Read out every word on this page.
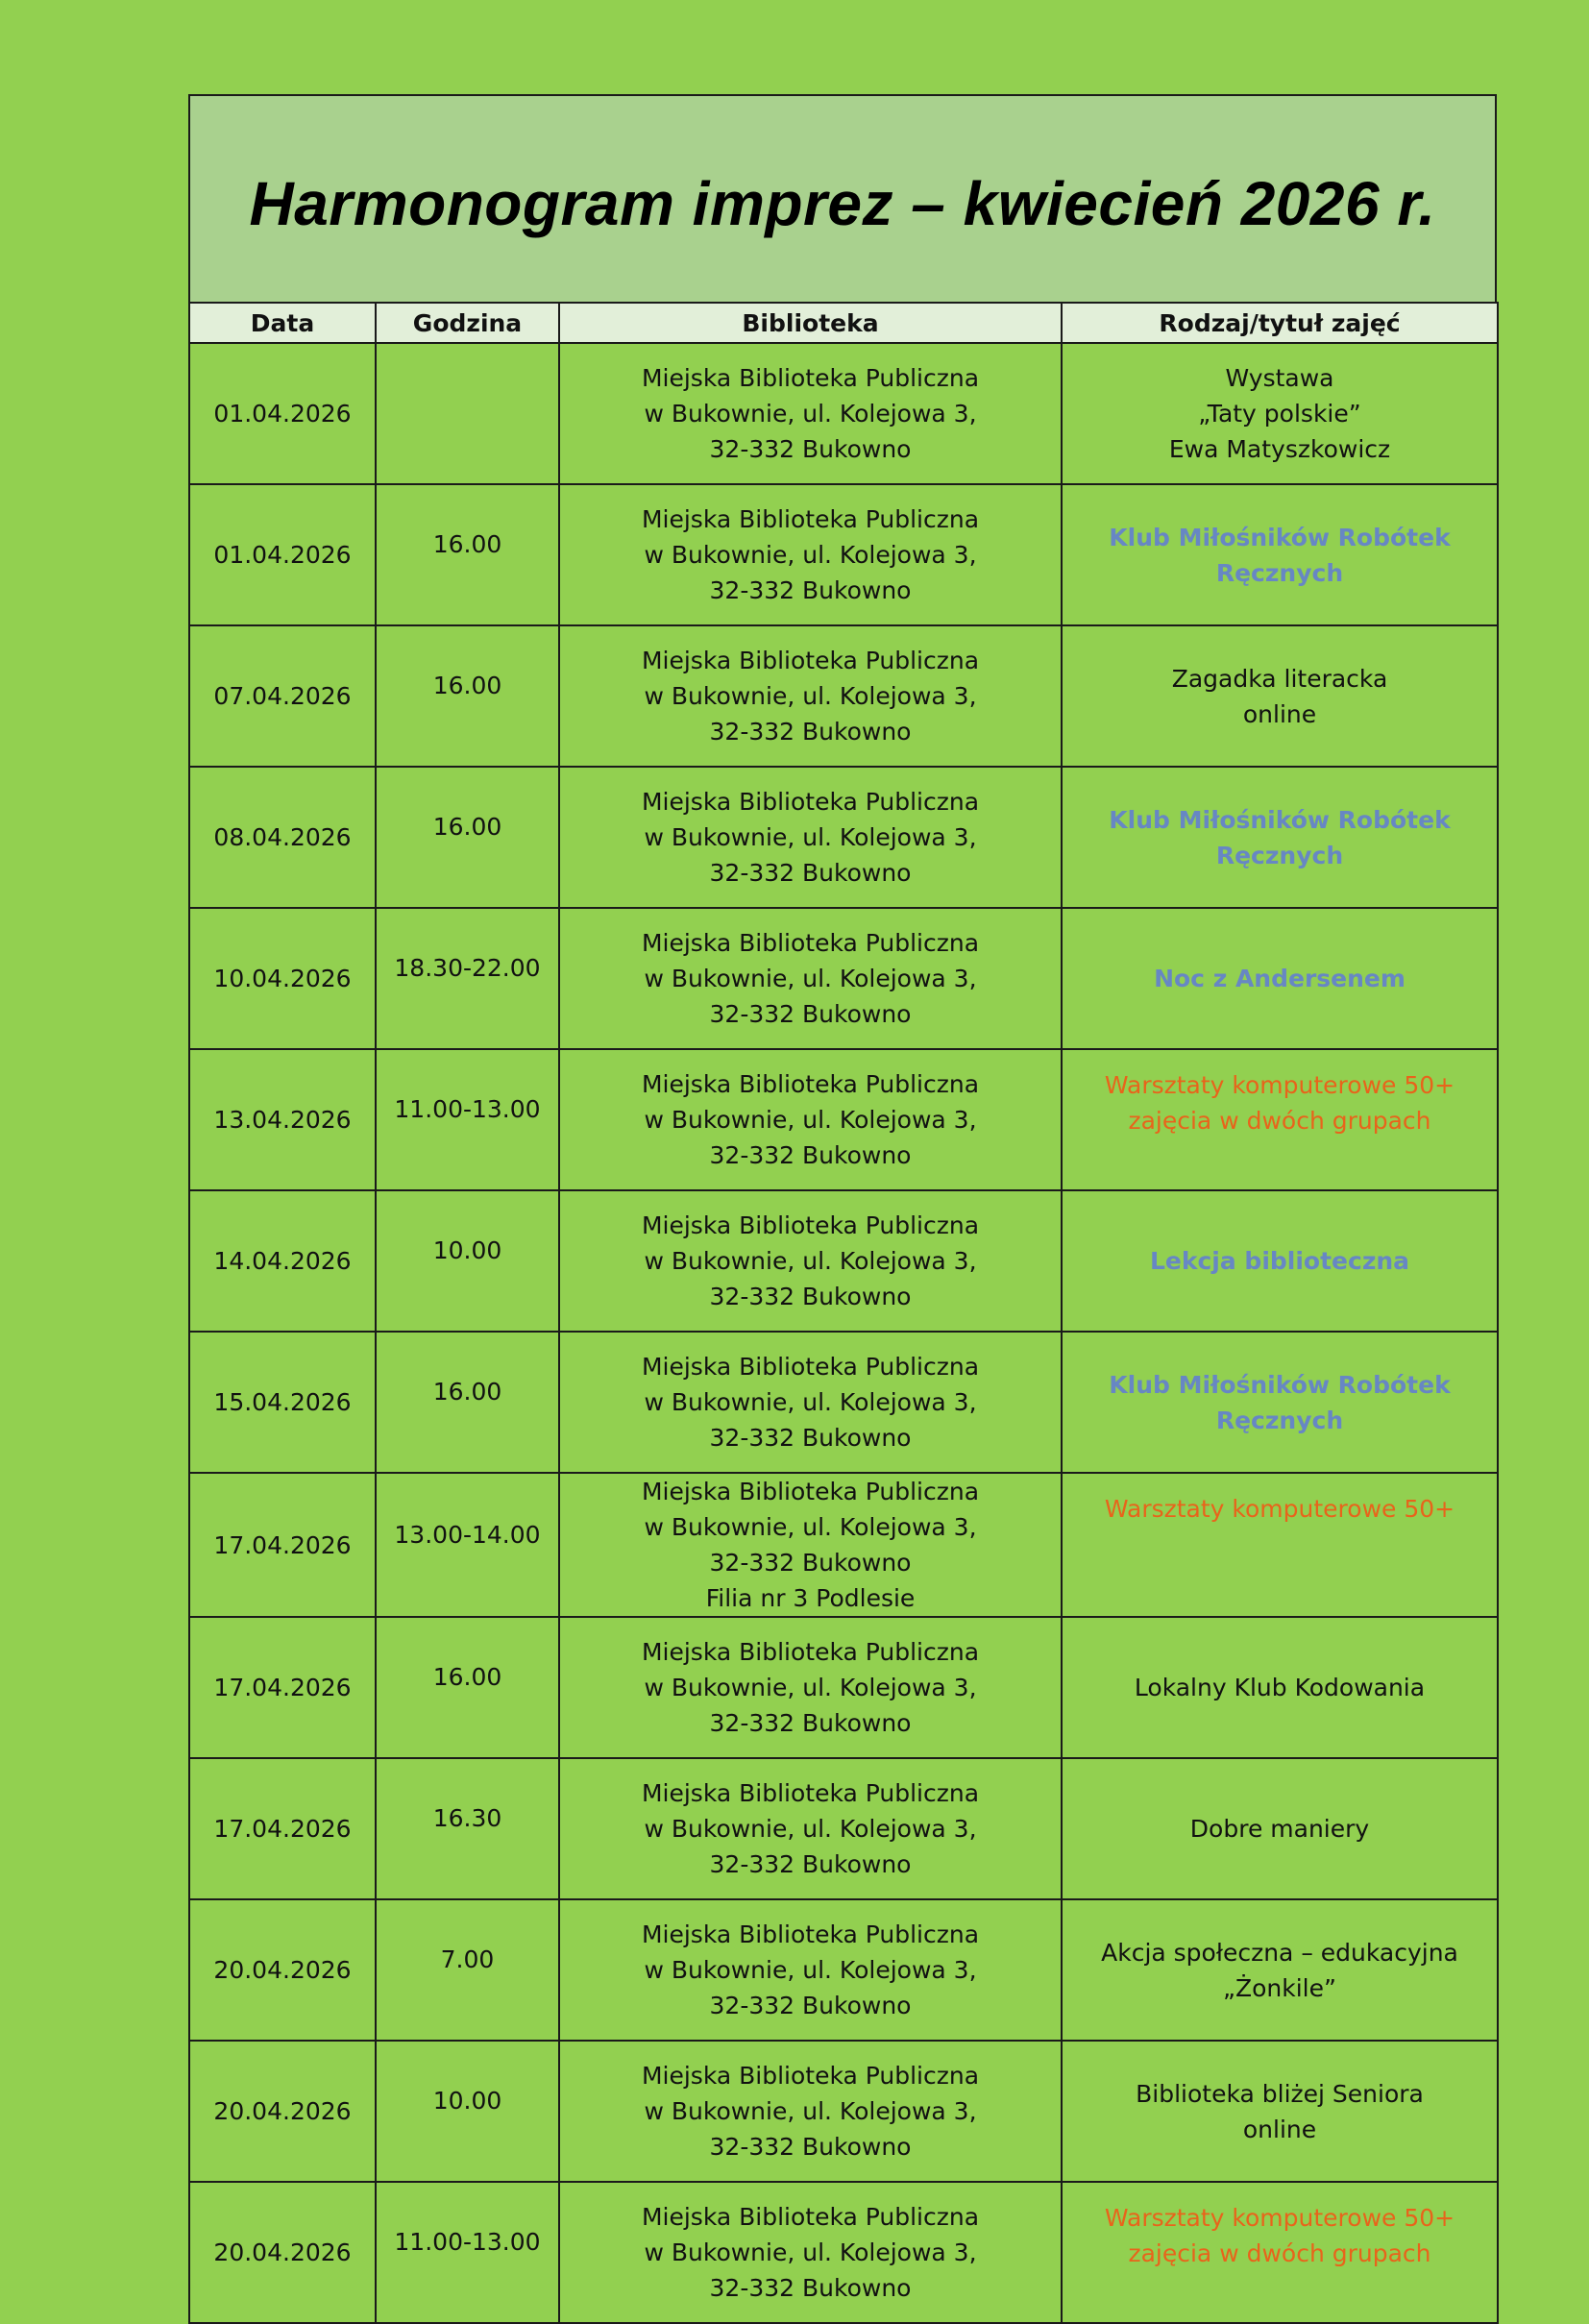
Harmonogram imprez – kwiecień 2026 r.
Data	Godzina	Biblioteka	Rodzaj/tytuł zajęć
01.04.2026		Miejska Biblioteka Publiczna
w Bukownie, ul. Kolejowa 3,
32-332 Bukowno	Wystawa
„Taty polskie”
Ewa Matyszkowicz

01.04.2026	16.00	Miejska Biblioteka Publiczna
w Bukownie, ul. Kolejowa 3,
32-332 Bukowno	Klub Miłośników Robótek
Ręcznych

07.04.2026	16.00	Miejska Biblioteka Publiczna
w Bukownie, ul. Kolejowa 3,
32-332 Bukowno	Zagadka literacka
online

08.04.2026	16.00	Miejska Biblioteka Publiczna
w Bukownie, ul. Kolejowa 3,
32-332 Bukowno	Klub Miłośników Robótek
Ręcznych

10.04.2026	18.30-22.00	Miejska Biblioteka Publiczna
w Bukownie, ul. Kolejowa 3,
32-332 Bukowno	Noc z Andersenem

13.04.2026	11.00-13.00	Miejska Biblioteka Publiczna
w Bukownie, ul. Kolejowa 3,
32-332 Bukowno	Warsztaty komputerowe 50+
zajęcia w dwóch grupach

14.04.2026	10.00	Miejska Biblioteka Publiczna
w Bukownie, ul. Kolejowa 3,
32-332 Bukowno	Lekcja biblioteczna

15.04.2026	16.00	Miejska Biblioteka Publiczna
w Bukownie, ul. Kolejowa 3,
32-332 Bukowno	Klub Miłośników Robótek
Ręcznych

17.04.2026	13.00-14.00	Miejska Biblioteka Publiczna
w Bukownie, ul. Kolejowa 3,
32-332 Bukowno
Filia nr 3 Podlesie	Warsztaty komputerowe 50+

17.04.2026	16.00	Miejska Biblioteka Publiczna
w Bukownie, ul. Kolejowa 3,
32-332 Bukowno	Lokalny Klub Kodowania

17.04.2026	16.30	Miejska Biblioteka Publiczna
w Bukownie, ul. Kolejowa 3,
32-332 Bukowno	Dobre maniery

20.04.2026	7.00	Miejska Biblioteka Publiczna
w Bukownie, ul. Kolejowa 3,
32-332 Bukowno	Akcja społeczna – edukacyjna
„Żonkile”

20.04.2026	10.00	Miejska Biblioteka Publiczna
w Bukownie, ul. Kolejowa 3,
32-332 Bukowno	Biblioteka bliżej Seniora
online

20.04.2026	11.00-13.00	Miejska Biblioteka Publiczna
w Bukownie, ul. Kolejowa 3,
32-332 Bukowno	Warsztaty komputerowe 50+
zajęcia w dwóch grupach
